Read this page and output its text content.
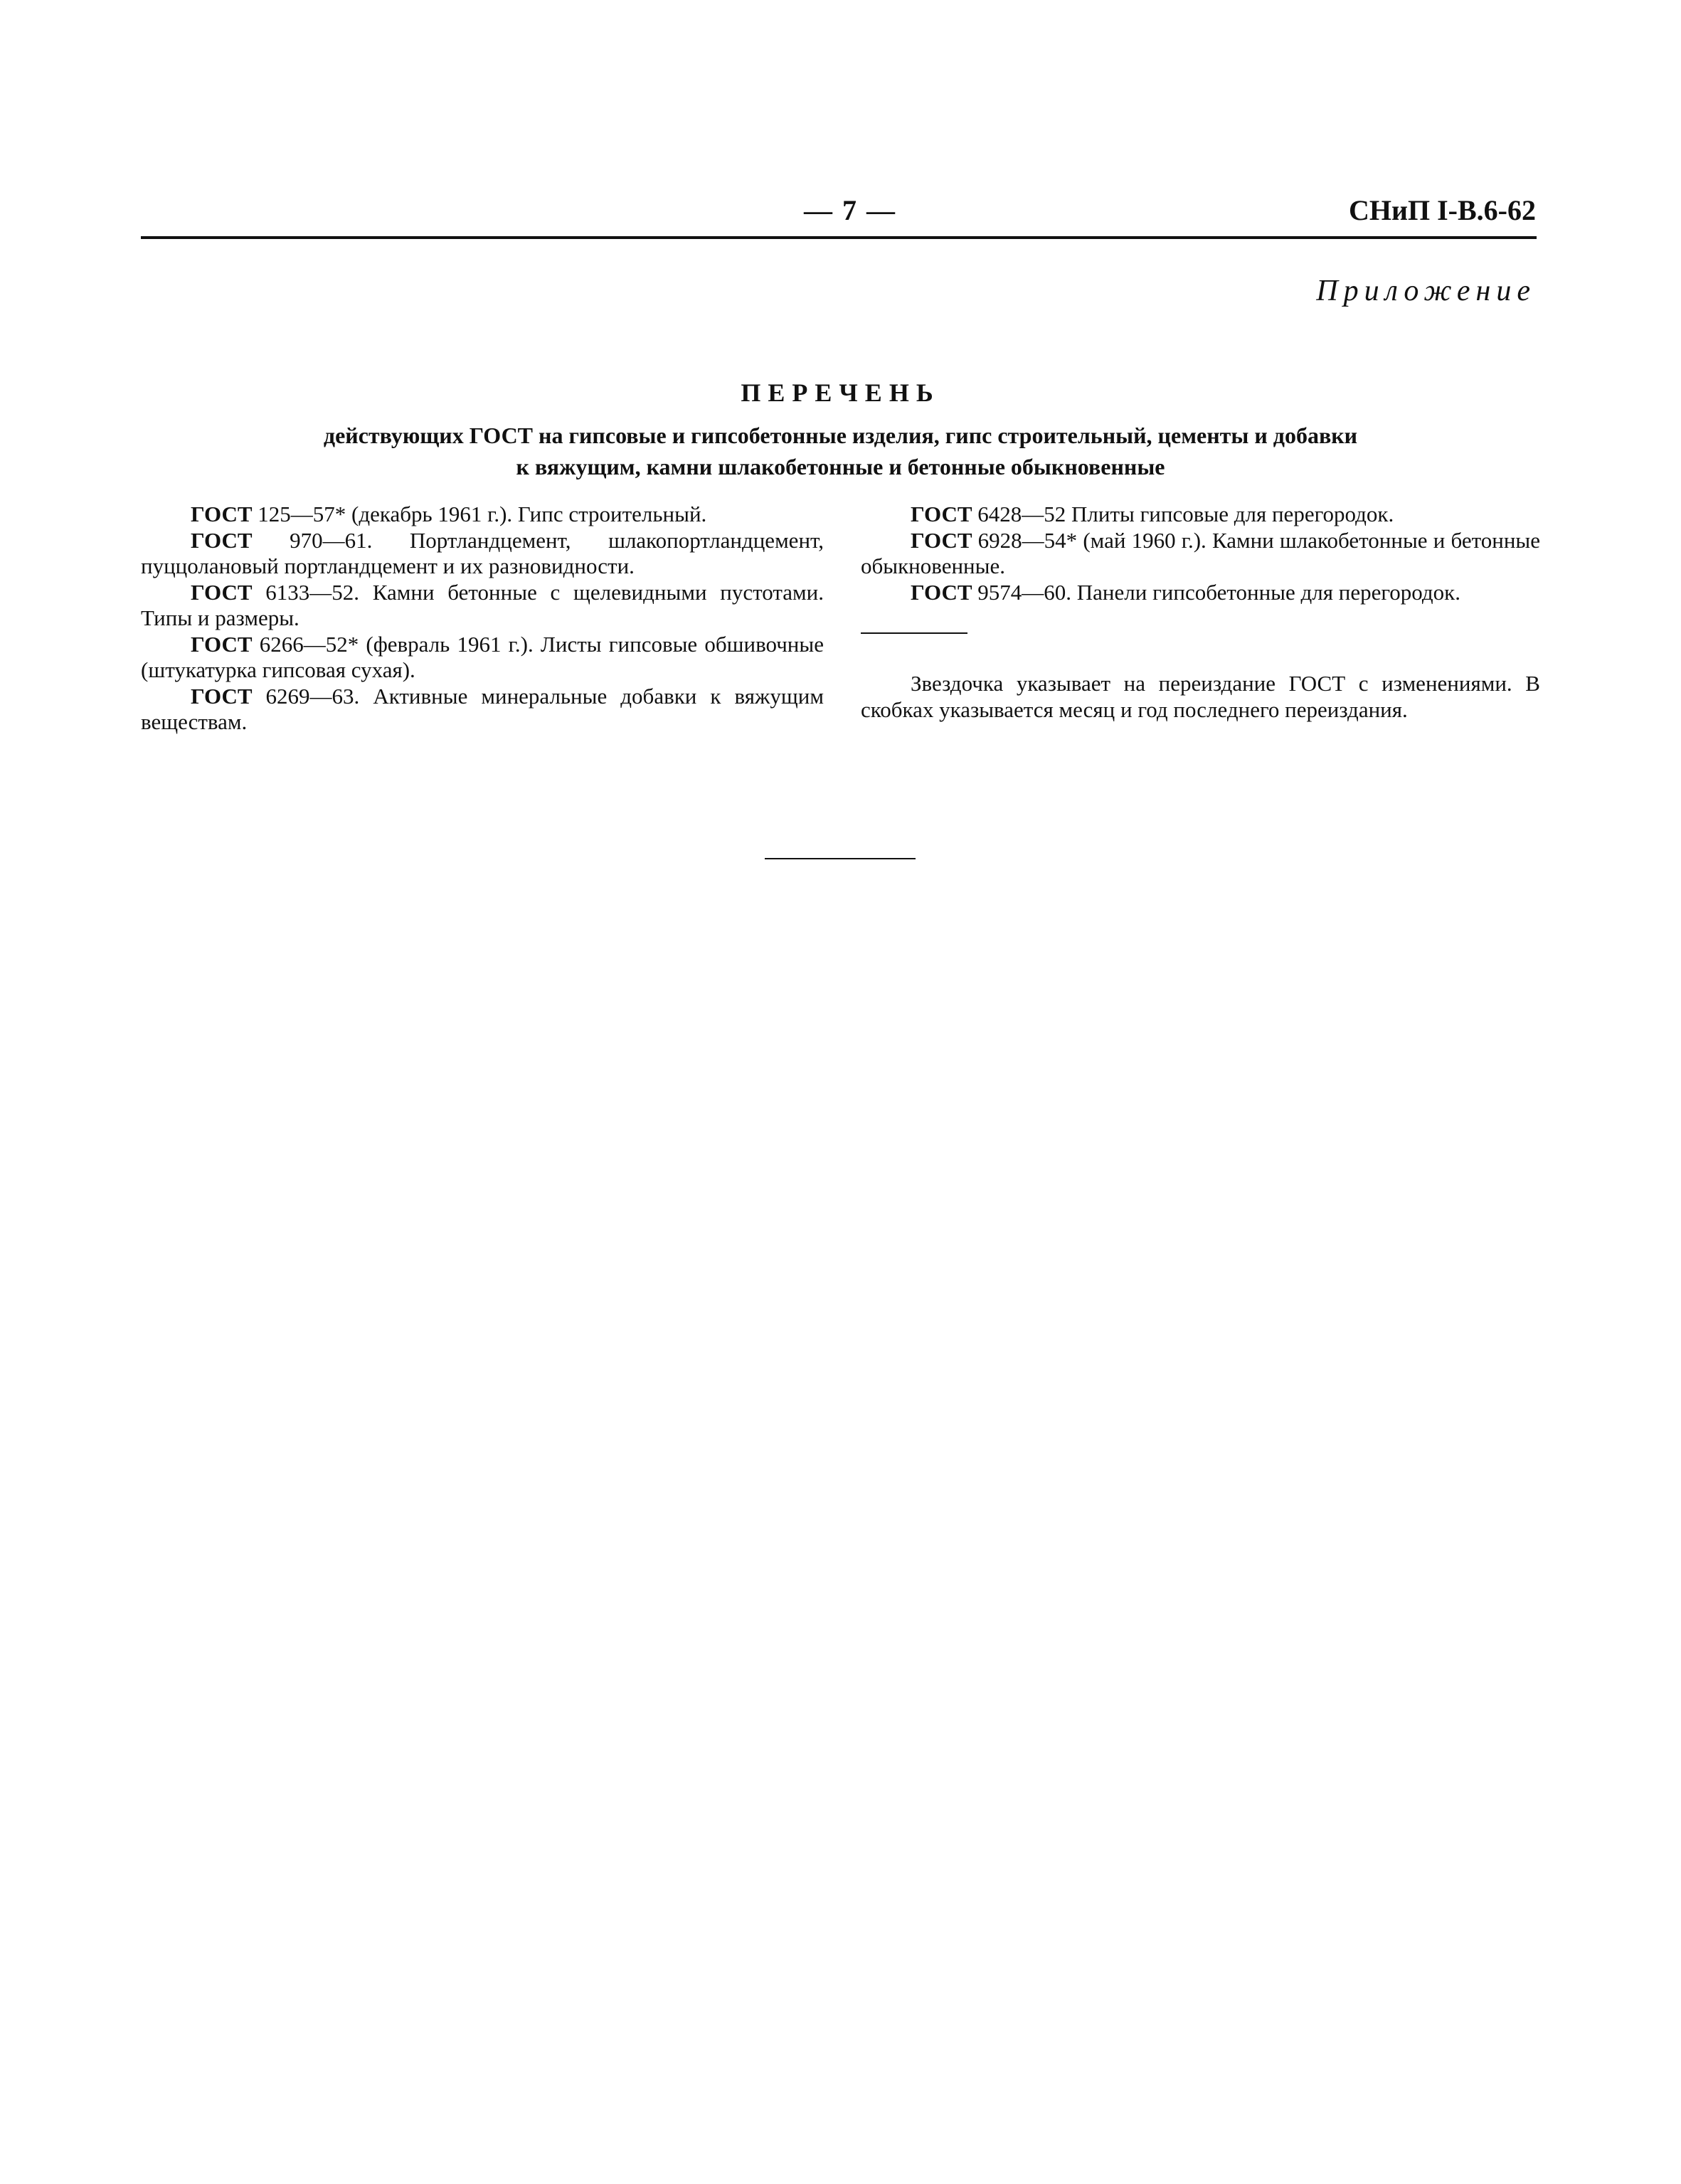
— 7 —	СНиП I-В.6-62
Приложение
ПЕРЕЧЕНЬ
действующих ГОСТ на гипсовые и гипсобетонные изделия, гипс строительный, цементы и добавки
к вяжущим, камни шлакобетонные и бетонные обыкновенные

ГОСТ 125—57* (декабрь 1961 г.). Гипс строительный.

ГОСТ 970—61. Портландцемент, шлакопортландцемент, пуццолановый портландцемент и их разновидности.

ГОСТ 6133—52. Камни бетонные с щелевидными пустотами. Типы и размеры.

ГОСТ 6266—52* (февраль 1961 г.). Листы гипсовые обшивочные (штукатурка гипсовая сухая).

ГОСТ 6269—63. Активные минеральные добавки к вяжущим веществам.

ГОСТ 6428—52 Плиты гипсовые для перегородок.

ГОСТ 6928—54* (май 1960 г.). Камни шлакобетонные и бетонные обыкновенные.

ГОСТ 9574—60. Панели гипсобетонные для перегородок.

Звездочка указывает на переиздание ГОСТ с изменениями. В скобках указывается месяц и год последнего переиздания.
